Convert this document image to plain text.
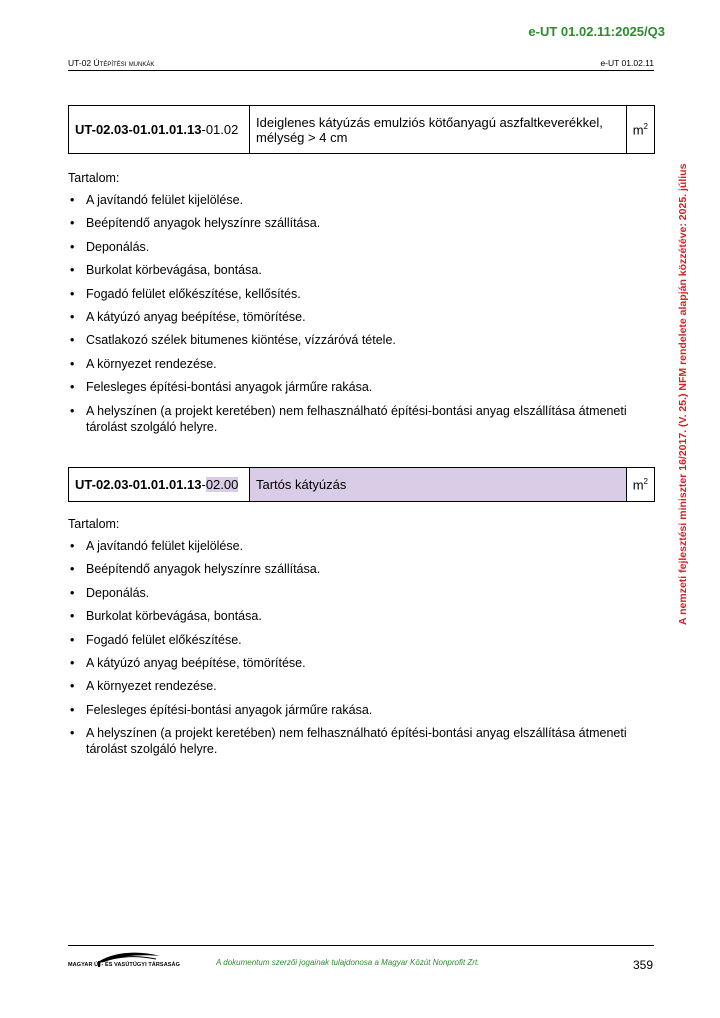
e-UT 01.02.11:2025/Q3
UT-02 Útépítési munkák	e-UT 01.02.11
A nemzeti fejlesztési miniszter 16/2017. (V. 25.) NFM rendelete alapján közzétéve: 2025. július
UT-02.03-01.01.01.13-01.02	Ideiglenes kátyúzás emulziós kötőanyagú aszfaltkeverékkel, mélység > 4 cm	$m^2$
Tartalom:
• A javítandó felület kijelölése.
• Beépítendő anyagok helyszínre szállítása.
• Deponálás.
• Burkolat körbevágása, bontása.
• Fogadó felület előkészítése, kellősítés.
• A kátyúzó anyag beépítése, tömörítése.
• Csatlakozó szélek bitumenes kiöntése, vízzáróvá tétele.
• A környezet rendezése.
• Felesleges építési-bontási anyagok járműre rakása.
• A helyszínen (a projekt keretében) nem felhasználható építési-bontási anyag elszállítása átmeneti tárolást szolgáló helyre.
UT-02.03-01.01.01.13-02.00	Tartós kátyúzás	$m^2$
Tartalom:
• A javítandó felület kijelölése.
• Beépítendő anyagok helyszínre szállítása.
• Deponálás.
• Burkolat körbevágása, bontása.
• Fogadó felület előkészítése.
• A kátyúzó anyag beépítése, tömörítése.
• A környezet rendezése.
• Felesleges építési-bontási anyagok járműre rakása.
• A helyszínen (a projekt keretében) nem felhasználható építési-bontási anyag elszállítása átmeneti tárolást szolgáló helyre.
MAGYAR ÚT- ÉS VASÚTÜGYI TÁRSASÁG	A dokumentum szerzői jogainak tulajdonosa a Magyar Közút Nonprofit Zrt.	359
